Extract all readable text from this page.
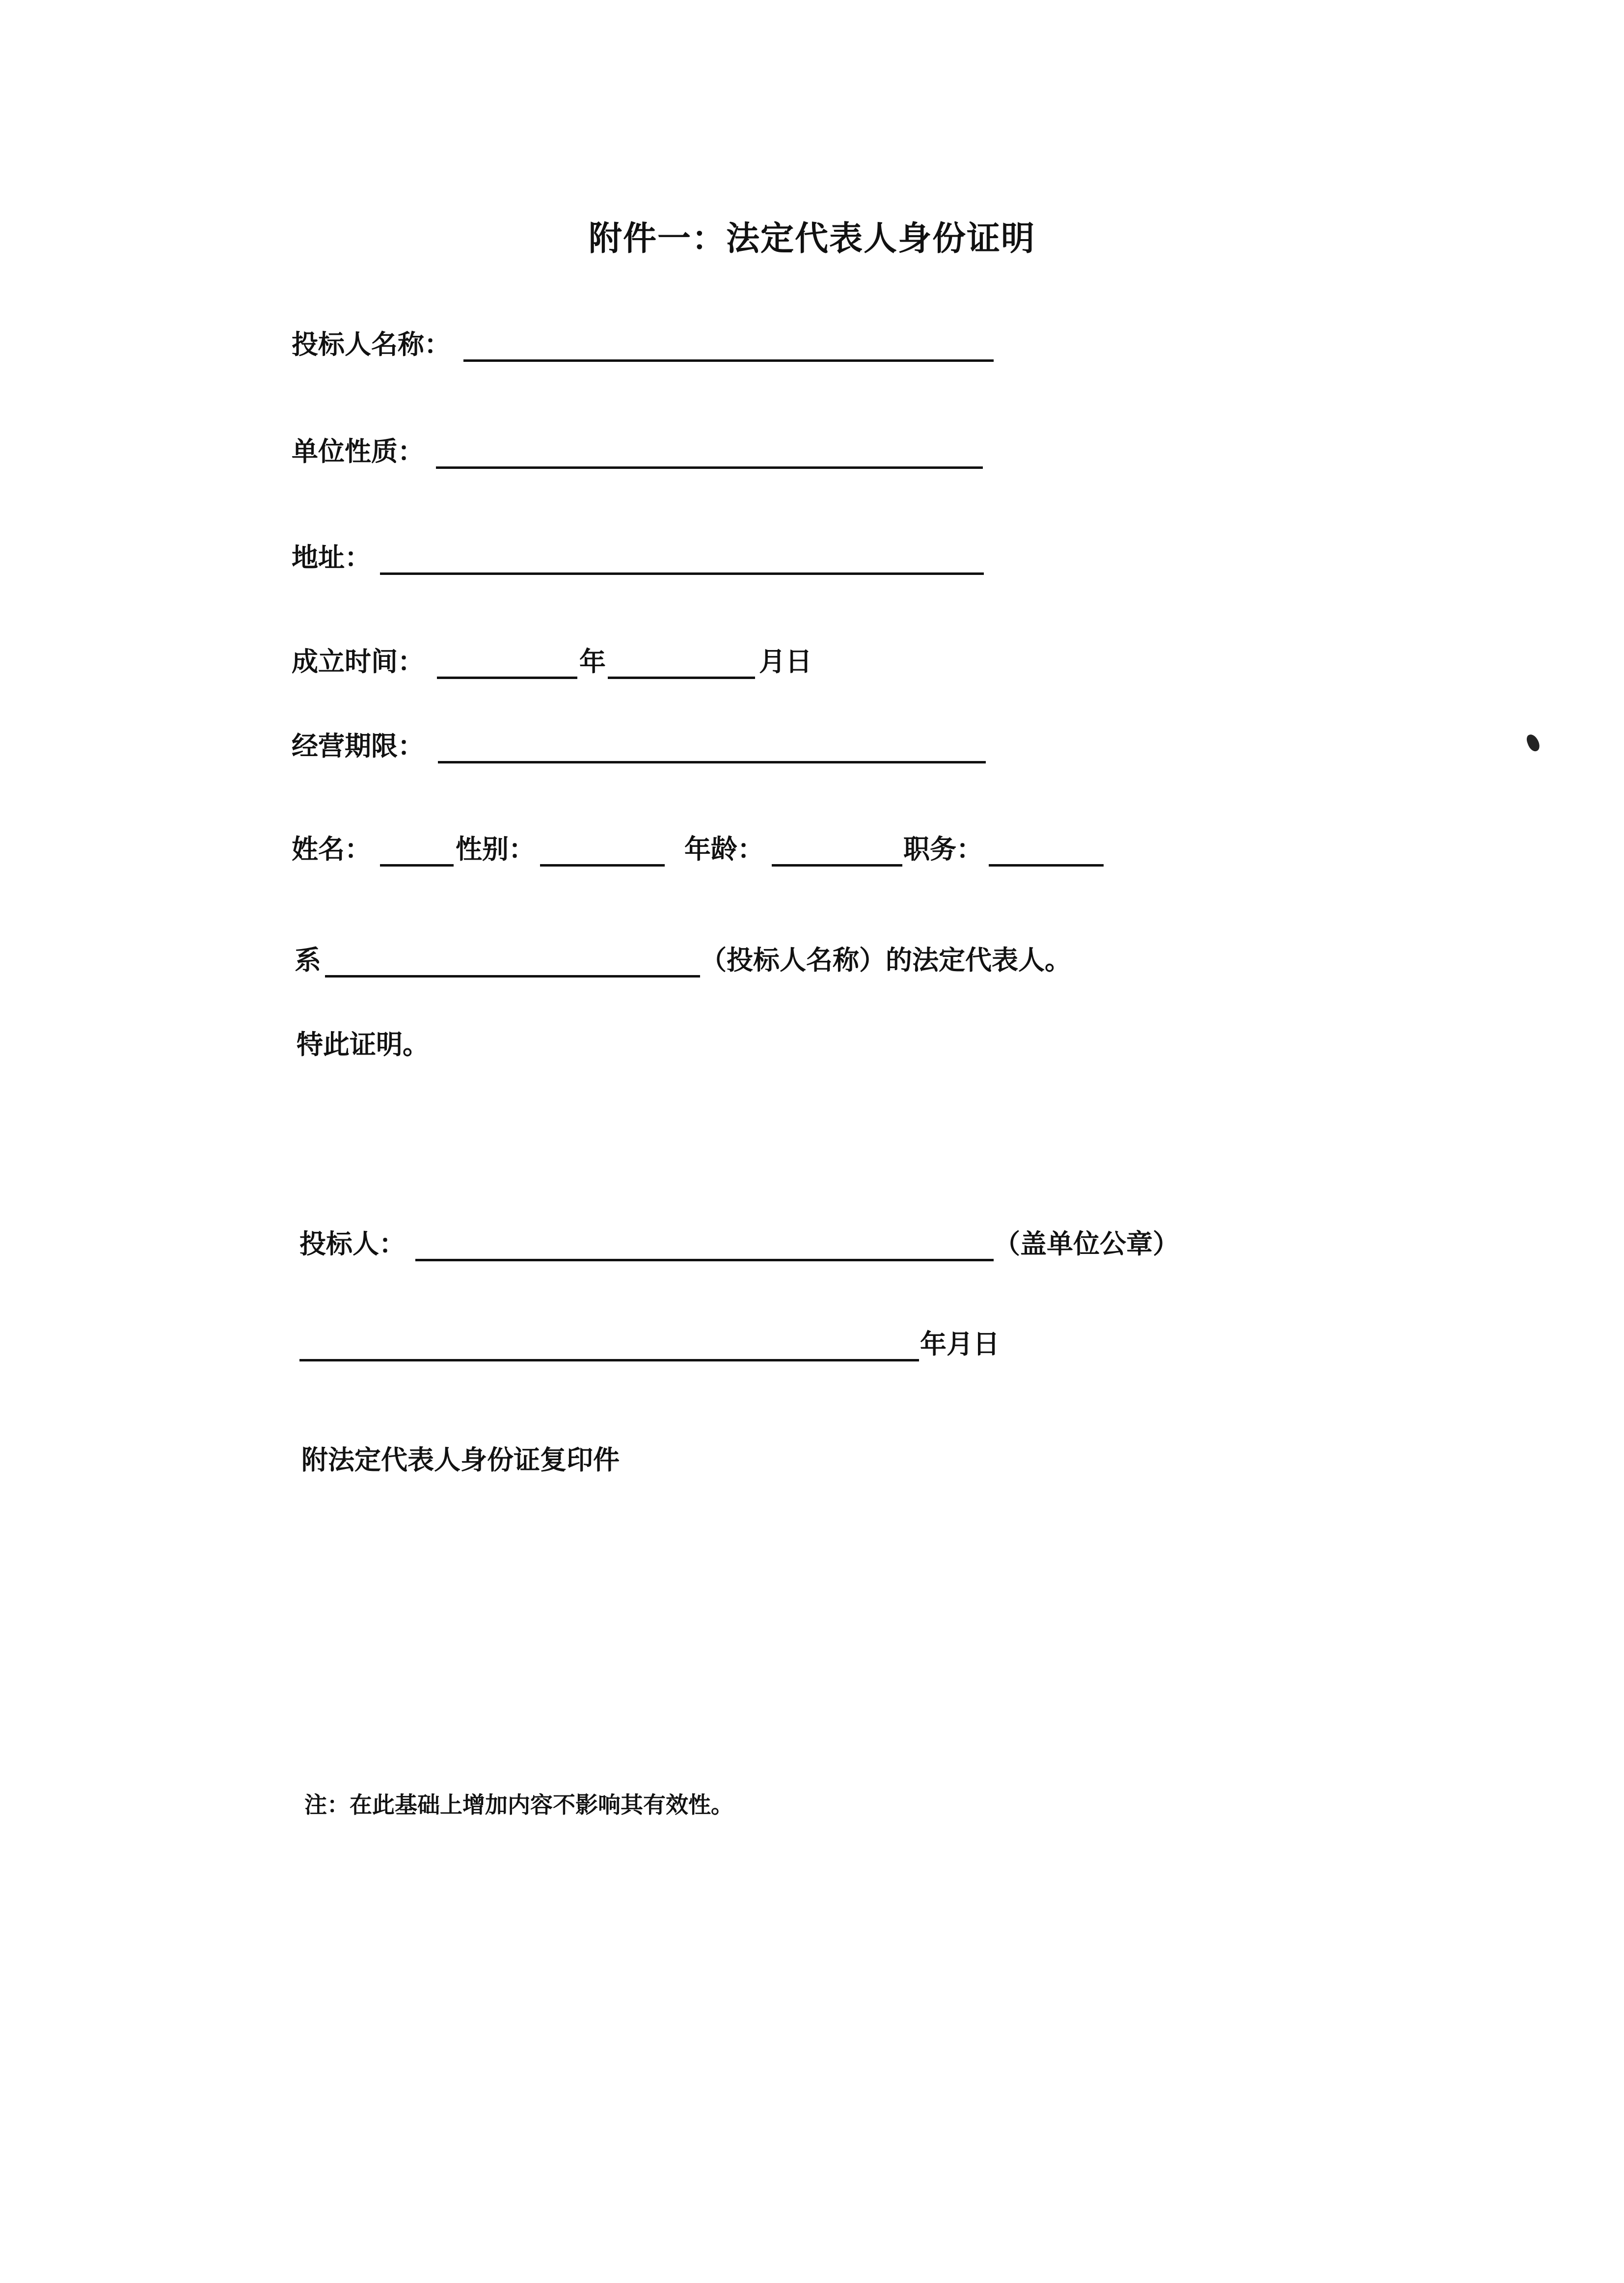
附件一：法定代表人身份证明
投标人名称：
单位性质：
地址：
成立时间：	年	月日
经营期限：
姓名：	性别：	年龄：	职务：
系	（投标人名称）的法定代表人。
特此证明。
投标人：	（盖单位公章）
年月日
附法定代表人身份证复印件
注：在此基础上增加内容不影响其有效性。
